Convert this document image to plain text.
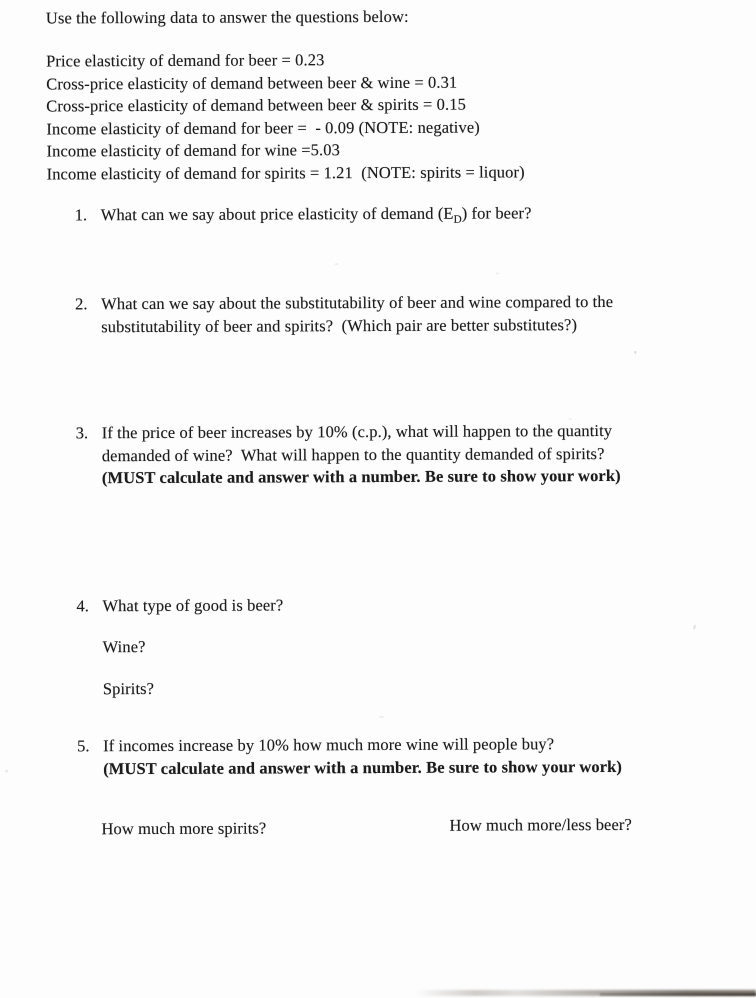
Use the following data to answer the questions below:
Price elasticity of demand for beer = 0.23
Cross-price elasticity of demand between beer & wine = 0.31
Cross-price elasticity of demand between beer & spirits = 0.15
Income elasticity of demand for beer =  - 0.09 (NOTE: negative)
Income elasticity of demand for wine =5.03
Income elasticity of demand for spirits = 1.21  (NOTE: spirits = liquor)
1. What can we say about price elasticity of demand $(E_D)$ for beer?
2. What can we say about the substitutability of beer and wine compared to the
substitutability of beer and spirits?  (Which pair are better substitutes?)
3. If the price of beer increases by 10% (c.p.), what will happen to the quantity
demanded of wine?  What will happen to the quantity demanded of spirits?
(MUST calculate and answer with a number. Be sure to show your work)
4. What type of good is beer?
Wine?
Spirits?
5. If incomes increase by 10% how much more wine will people buy?
(MUST calculate and answer with a number. Be sure to show your work)
How much more spirits?	How much more/less beer?
